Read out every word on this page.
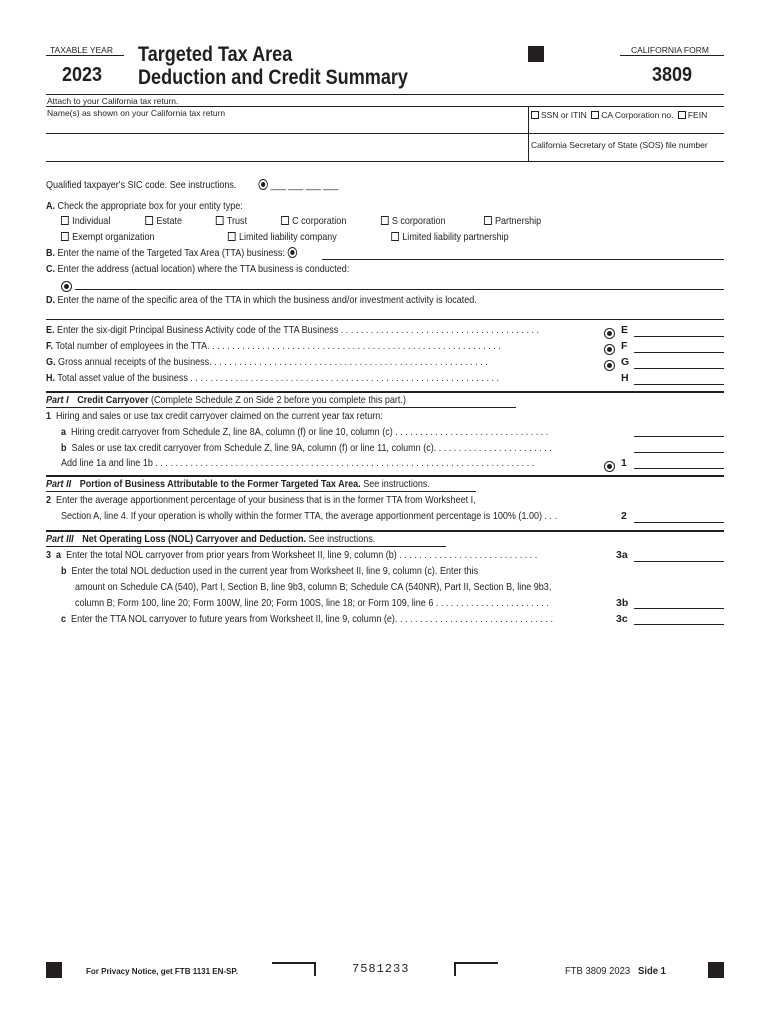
TAXABLE YEAR
2023
Targeted Tax Area
Deduction and Credit Summary
CALIFORNIA FORM
3809
Attach to your California tax return.
Name(s) as shown on your California tax return	SSN or ITIN CA Corporation no. FEIN
California Secretary of State (SOS) file number
Qualified taxpayer's SIC code. See instructions.	___ ___ ___ ___
A. Check the appropriate box for your entity type:
Individual	Estate	Trust	C corporation	S corporation	Partnership
Exempt organization	Limited liability company	Limited liability partnership
B. Enter the name of the Targeted Tax Area (TTA) business:
C. Enter the address (actual location) where the TTA business is conducted:
D. Enter the name of the specific area of the TTA in which the business and/or investment activity is located.
E. Enter the six-digit Principal Business Activity code of the TTA Business . . . . . . . . . . . . . . . . . . . . . . . . . . . . . . . . . . . . . . . .	E
F. Total number of employees in the TTA. . . . . . . . . . . . . . . . . . . . . . . . . . . . . . . . . . . . . . . . . . . . . . . . . . . . . . . . . . .	F
G. Gross annual receipts of the business. . . . . . . . . . . . . . . . . . . . . . . . . . . . . . . . . . . . . . . . . . . . . . . . . . . . . . . .	G
H. Total asset value of the business . . . . . . . . . . . . . . . . . . . . . . . . . . . . . . . . . . . . . . . . . . . . . . . . . . . . . . . . . . . . . .	H
Part I Credit Carryover (Complete Schedule Z on Side 2 before you complete this part.)
1 Hiring and sales or use tax credit carryover claimed on the current year tax return:
a Hiring credit carryover from Schedule Z, line 8A, column (f) or line 10, column (c) . . . . . . . . . . . . . . . . . . . . . . . . . . . . . . .
b Sales or use tax credit carryover from Schedule Z, line 9A, column (f) or line 11, column (c). . . . . . . . . . . . . . . . . . . . . . . .
Add line 1a and line 1b . . . . . . . . . . . . . . . . . . . . . . . . . . . . . . . . . . . . . . . . . . . . . . . . . . . . . . . . . . . . . . . . . . . . . . . . . . . .	1
Part II Portion of Business Attributable to the Former Targeted Tax Area. See instructions.
2 Enter the average apportionment percentage of your business that is in the former TTA from Worksheet I,
Section A, line 4. If your operation is wholly within the former TTA, the average apportionment percentage is 100% (1.00) . . .	2
Part III Net Operating Loss (NOL) Carryover and Deduction. See instructions.
3 a Enter the total NOL carryover from prior years from Worksheet II, line 9, column (b) . . . . . . . . . . . . . . . . . . . . . . . . . . . .	3a
b Enter the total NOL deduction used in the current year from Worksheet II, line 9, column (c). Enter this
amount on Schedule CA (540), Part I, Section B, line 9b3, column B; Schedule CA (540NR), Part II, Section B, line 9b3,
column B; Form 100, line 20; Form 100W, line 20; Form 100S, line 18; or Form 109, line 6 . . . . . . . . . . . . . . . . . . . . . . .	3b
c Enter the TTA NOL carryover to future years from Worksheet II, line 9, column (e). . . . . . . . . . . . . . . . . . . . . . . . . . . . . . . .	3c
For Privacy Notice, get FTB 1131 EN-SP.	7581233	FTB 3809 2023 Side 1
